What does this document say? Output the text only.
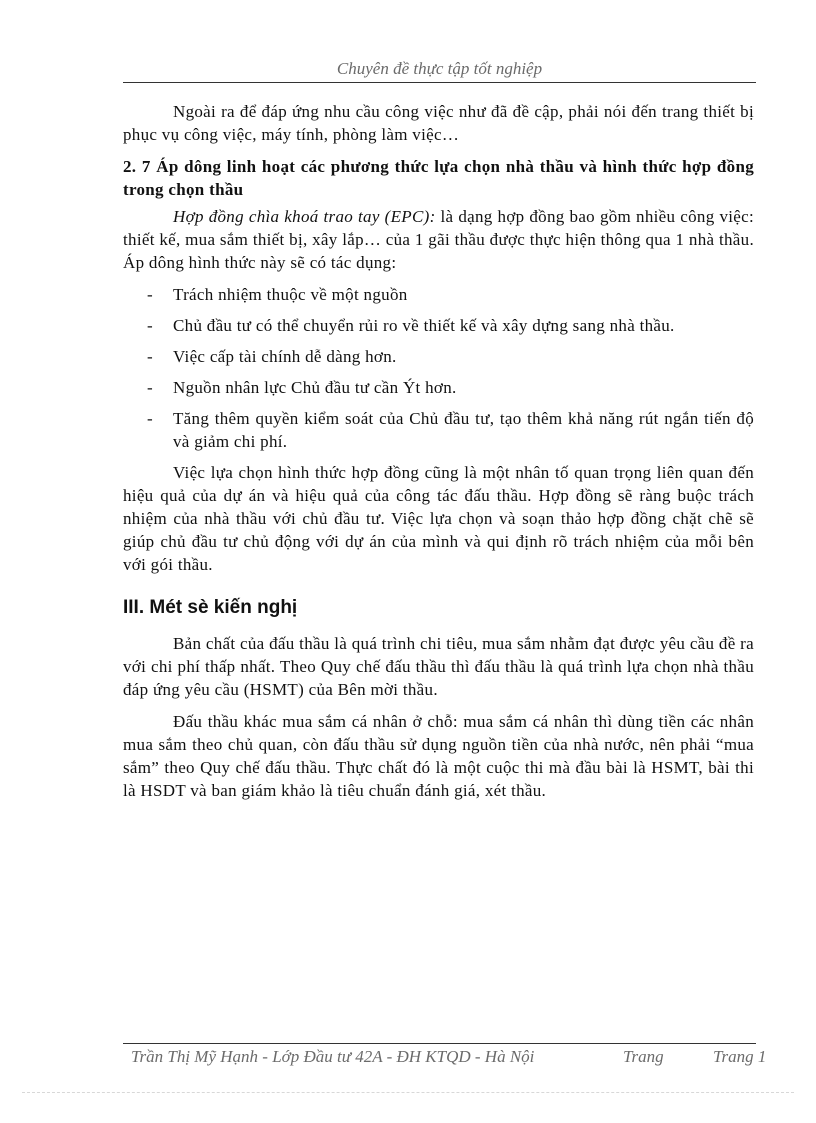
Chuyên đề thực tập tốt nghiệp

Ngoài ra để đáp ứng nhu cầu công việc như đã đề cập, phải nói đến trang thiết bị phục vụ công việc, máy tính, phòng làm việc…

2. 7 Áp dông linh hoạt các phương thức lựa chọn nhà thầu và hình thức hợp đồng trong chọn thầu

Hợp đồng chìa khoá trao tay (EPC): là dạng hợp đồng bao gồm nhiều công việc: thiết kế, mua sắm thiết bị, xây lắp… của 1 gãi thầu được thực hiện thông qua 1 nhà thầu. Áp dông hình thức này sẽ có tác dụng:

- Trách nhiệm thuộc về một nguồn
- Chủ đầu tư có thể chuyển rủi ro về thiết kế và xây dựng sang nhà thầu.
- Việc cấp tài chính dễ dàng hơn.
- Nguồn nhân lực Chủ đầu tư cần Ýt hơn.
- Tăng thêm quyền kiểm soát của Chủ đầu tư, tạo thêm khả năng rút ngắn tiến độ và giảm chi phí.

Việc lựa chọn hình thức hợp đồng cũng là một nhân tố quan trọng liên quan đến hiệu quả của dự án và hiệu quả của công tác đấu thầu. Hợp đồng sẽ ràng buộc trách nhiệm của nhà thầu với chủ đầu tư. Việc lựa chọn và soạn thảo hợp đồng chặt chẽ sẽ giúp chủ đầu tư chủ động với dự án của mình và qui định rõ trách nhiệm của mỗi bên với gói thầu.

III. Mét sè kiến nghị

Bản chất của đấu thầu là quá trình chi tiêu, mua sắm nhằm đạt được yêu cầu đề ra với chi phí thấp nhất. Theo Quy chế đấu thầu thì đấu thầu là quá trình lựa chọn nhà thầu đáp ứng yêu cầu (HSMT) của Bên mời thầu.

Đấu thầu khác mua sắm cá nhân ở chỗ: mua sắm cá nhân thì dùng tiền các nhân mua sắm theo chủ quan, còn đấu thầu sử dụng nguồn tiền của nhà nước, nên phải “mua sắm” theo Quy chế đấu thầu. Thực chất đó là một cuộc thi mà đầu bài là HSMT, bài thi là HSDT và ban giám khảo là tiêu chuẩn đánh giá, xét thầu.

Trần Thị Mỹ Hạnh - Lớp Đầu tư 42A - ĐH KTQD - Hà Nội	Trang	Trang 1
